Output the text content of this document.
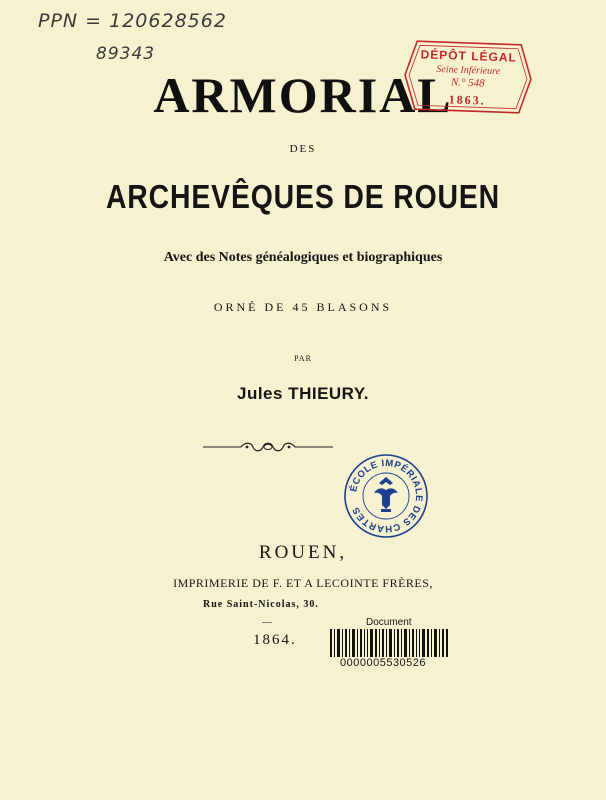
PPN = 120628562
89343
ARMORIAL
DES
ARCHEVÊQUES DE ROUEN
Avec des Notes généalogiques et biographiques
ORNÉ DE 45 BLASONS
PAR
Jules THIEURY.
ROUEN,
IMPRIMERIE DE F. ET A LECOINTE FRÈRES,
Rue Saint-Nicolas, 30.
—
1864.
Document
0000005530526
DÉPÔT LÉGAL
Seine Inférieure
N.° 548
1863.
ÉCOLE IMPÉRIALE DES CHARTES
